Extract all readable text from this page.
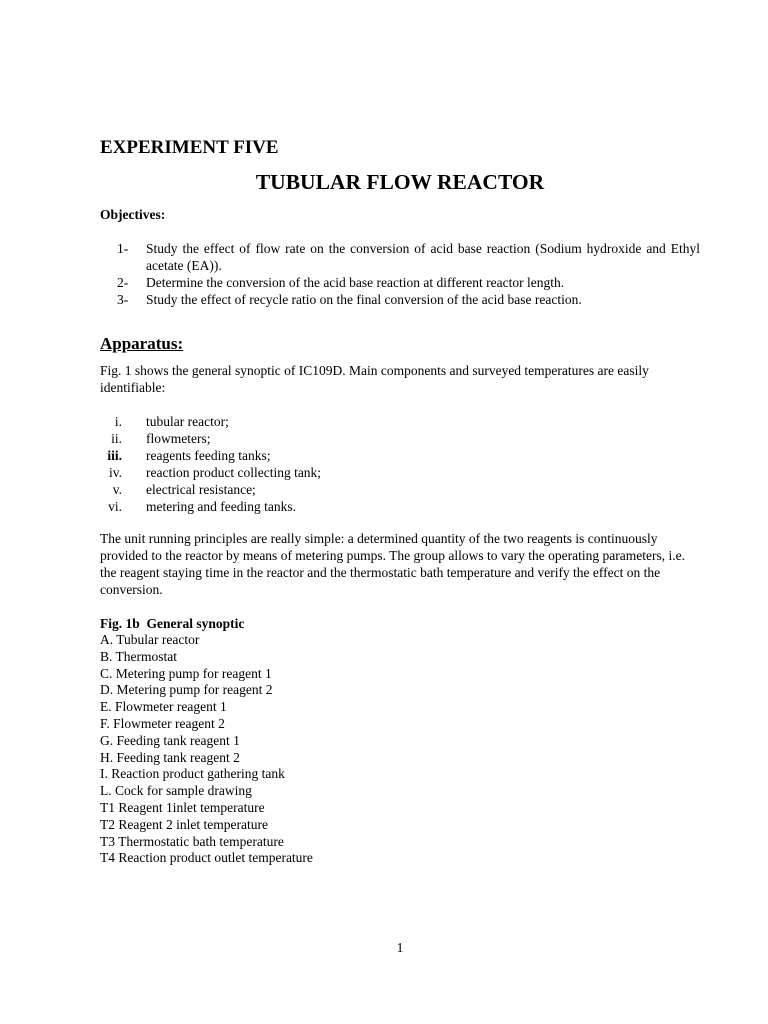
EXPERIMENT FIVE
TUBULAR FLOW REACTOR
Objectives:
1- Study the effect of flow rate on the conversion of acid base reaction (Sodium hydroxide and Ethyl acetate (EA)).
2- Determine the conversion of the acid base reaction at different reactor length.
3- Study the effect of recycle ratio on the final conversion of the acid base reaction.
Apparatus:

Fig. 1 shows the general synoptic of IC109D. Main components and surveyed temperatures are easily identifiable:

i. tubular reactor;
ii. flowmeters;
iii. reagents feeding tanks;
iv. reaction product collecting tank;
v. electrical resistance;
vi. metering and feeding tanks.

The unit running principles are really simple: a determined quantity of the two reagents is continuously provided to the reactor by means of metering pumps. The group allows to vary the operating parameters, i.e. the reagent staying time in the reactor and the thermostatic bath temperature and verify the effect on the conversion.

Fig. 1b  General synoptic
A. Tubular reactor
B. Thermostat
C. Metering pump for reagent 1
D. Metering pump for reagent 2
E. Flowmeter reagent 1
F. Flowmeter reagent 2
G. Feeding tank reagent 1
H. Feeding tank reagent 2
I. Reaction product gathering tank
L. Cock for sample drawing
T1 Reagent 1inlet temperature
T2 Reagent 2 inlet temperature
T3 Thermostatic bath temperature
T4 Reaction product outlet temperature
1
